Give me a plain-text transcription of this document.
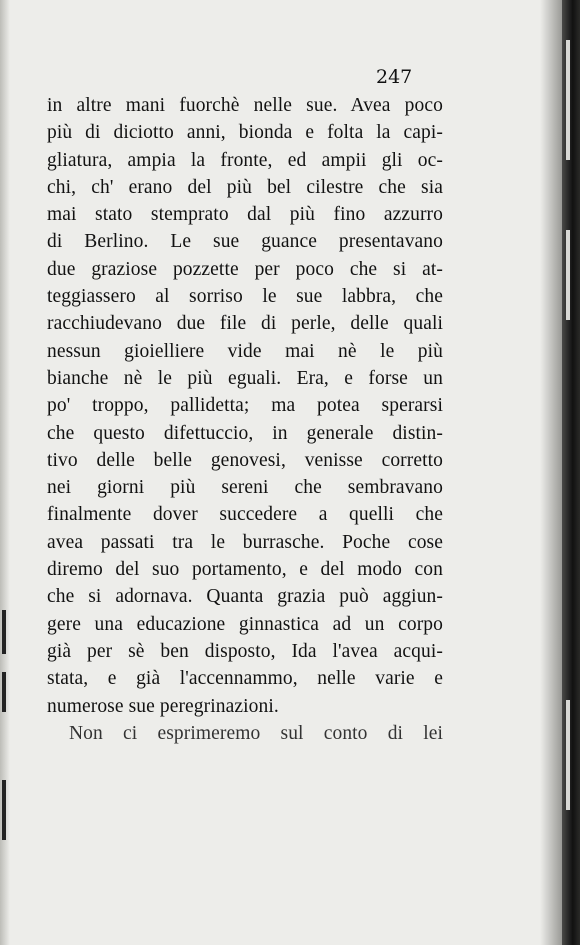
247
in altre mani fuorchè nelle sue. Avea poco
più di diciotto anni, bionda e folta la capi-
gliatura, ampia la fronte, ed ampii gli oc-
chi, ch' erano del più bel cilestre che sia
mai stato stemprato dal più fino azzurro
di Berlino. Le sue guance presentavano
due graziose pozzette per poco che si at-
teggiassero al sorriso le sue labbra, che
racchiudevano due file di perle, delle quali
nessun gioielliere vide mai nè le più
bianche nè le più eguali. Era, e forse un
po' troppo, pallidetta; ma potea sperarsi
che questo difettuccio, in generale distin-
tivo delle belle genovesi, venisse corretto
nei giorni più sereni che sembravano
finalmente dover succedere a quelli che
avea passati tra le burrasche. Poche cose
diremo del suo portamento, e del modo con
che si adornava. Quanta grazia può aggiun-
gere una educazione ginnastica ad un corpo
già per sè ben disposto, Ida l'avea acqui-
stata, e già l'accennammo, nelle varie e
numerose sue peregrinazioni.
Non ci esprimeremo sul conto di lei
